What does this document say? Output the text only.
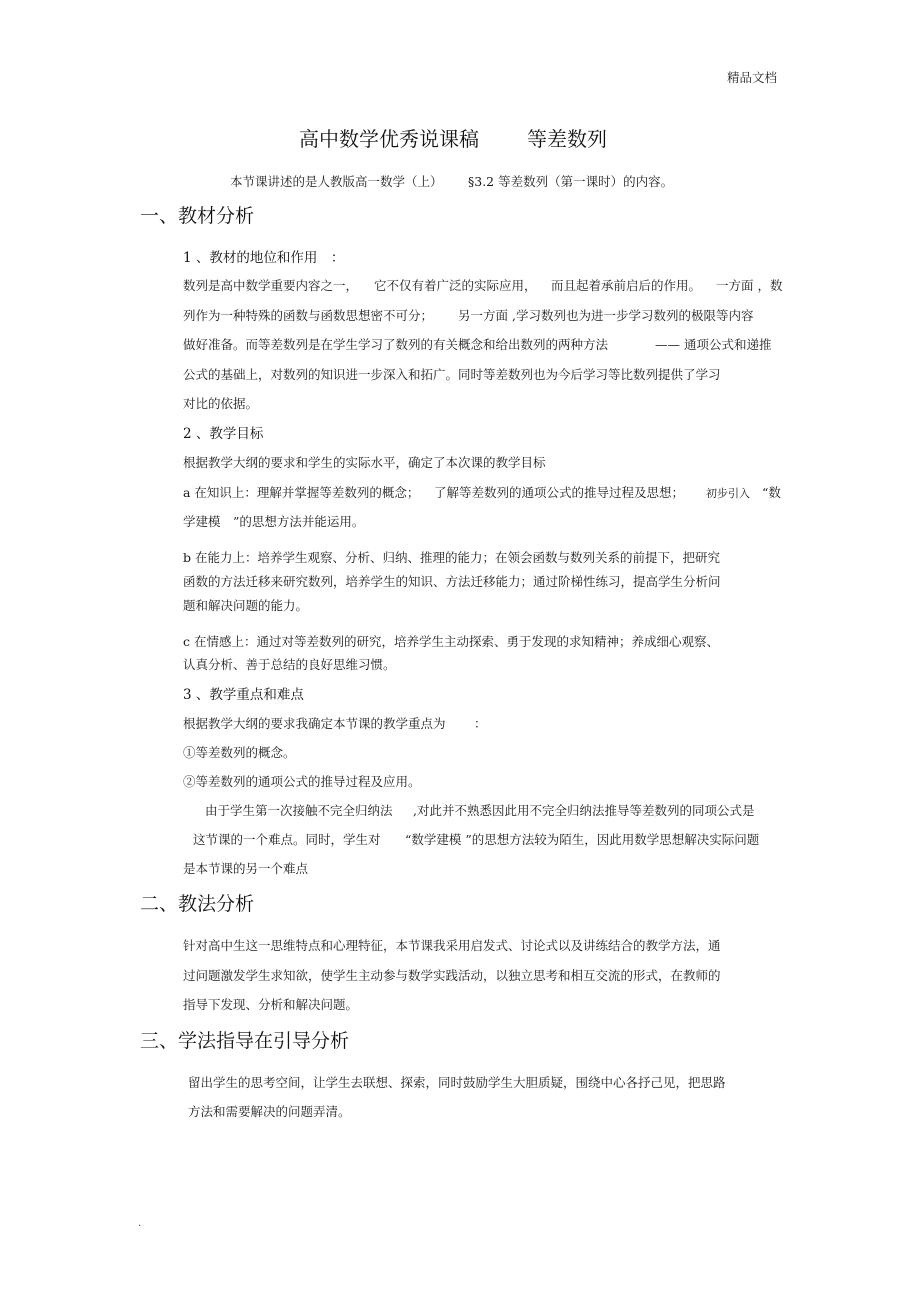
精品文档
高中数学优秀说课稿 等差数列
本节课讲述的是人教版高一数学（上） §3.2 等差数列（第一课时）的内容。
一、教材分析
1 、教材的地位和作用　：
数列是高中数学重要内容之一， 它不仅有着广泛的实际应用， 而且起着承前启后的作用。 一方面 ，数
列作为一种特殊的函数与函数思想密不可分； 另一方面 ,学习数列也为进一步学习数列的极限等内容
做好准备。而等差数列是在学生学习了数列的有关概念和给出数列的两种方法	—— 通项公式和递推
公式的基础上，对数列的知识进一步深入和拓广。同时等差数列也为今后学习等比数列提供了学习
对比的依据。
2 、教学目标
根据教学大纲的要求和学生的实际水平，确定了本次课的教学目标
a 在知识上：理解并掌握等差数列的概念； 了解等差数列的通项公式的推导过程及思想； 初步引入 “数
学建模　”的思想方法并能运用。
b 在能力上：培养学生观察、分析、归纳、推理的能力；在领会函数与数列关系的前提下，把研究
函数的方法迁移来研究数列，培养学生的知识、方法迁移能力；通过阶梯性练习，提高学生分析问
题和解决问题的能力。
c 在情感上：通过对等差数列的研究，培养学生主动探索、勇于发现的求知精神；养成细心观察、
认真分析、善于总结的良好思维习惯。
3 、教学重点和难点
根据教学大纲的要求我确定本节课的教学重点为 ：
①等差数列的概念。
②等差数列的通项公式的推导过程及应用。
由于学生第一次接触不完全归纳法 ,对此并不熟悉因此用不完全归纳法推导等差数列的同项公式是
这节课的一个难点。同时，学生对 “数学建模 ”的思想方法较为陌生，因此用数学思想解决实际问题
是本节课的另一个难点
二、教法分析
针对高中生这一思维特点和心理特征，本节课我采用启发式、讨论式以及讲练结合的教学方法，通
过问题激发学生求知欲，使学生主动参与数学实践活动，以独立思考和相互交流的形式，在教师的
指导下发现、分析和解决问题。
三、学法指导在引导分析
留出学生的思考空间，让学生去联想、探索，同时鼓励学生大胆质疑，围绕中心各抒己见，把思路
方法和需要解决的问题弄清。
.
